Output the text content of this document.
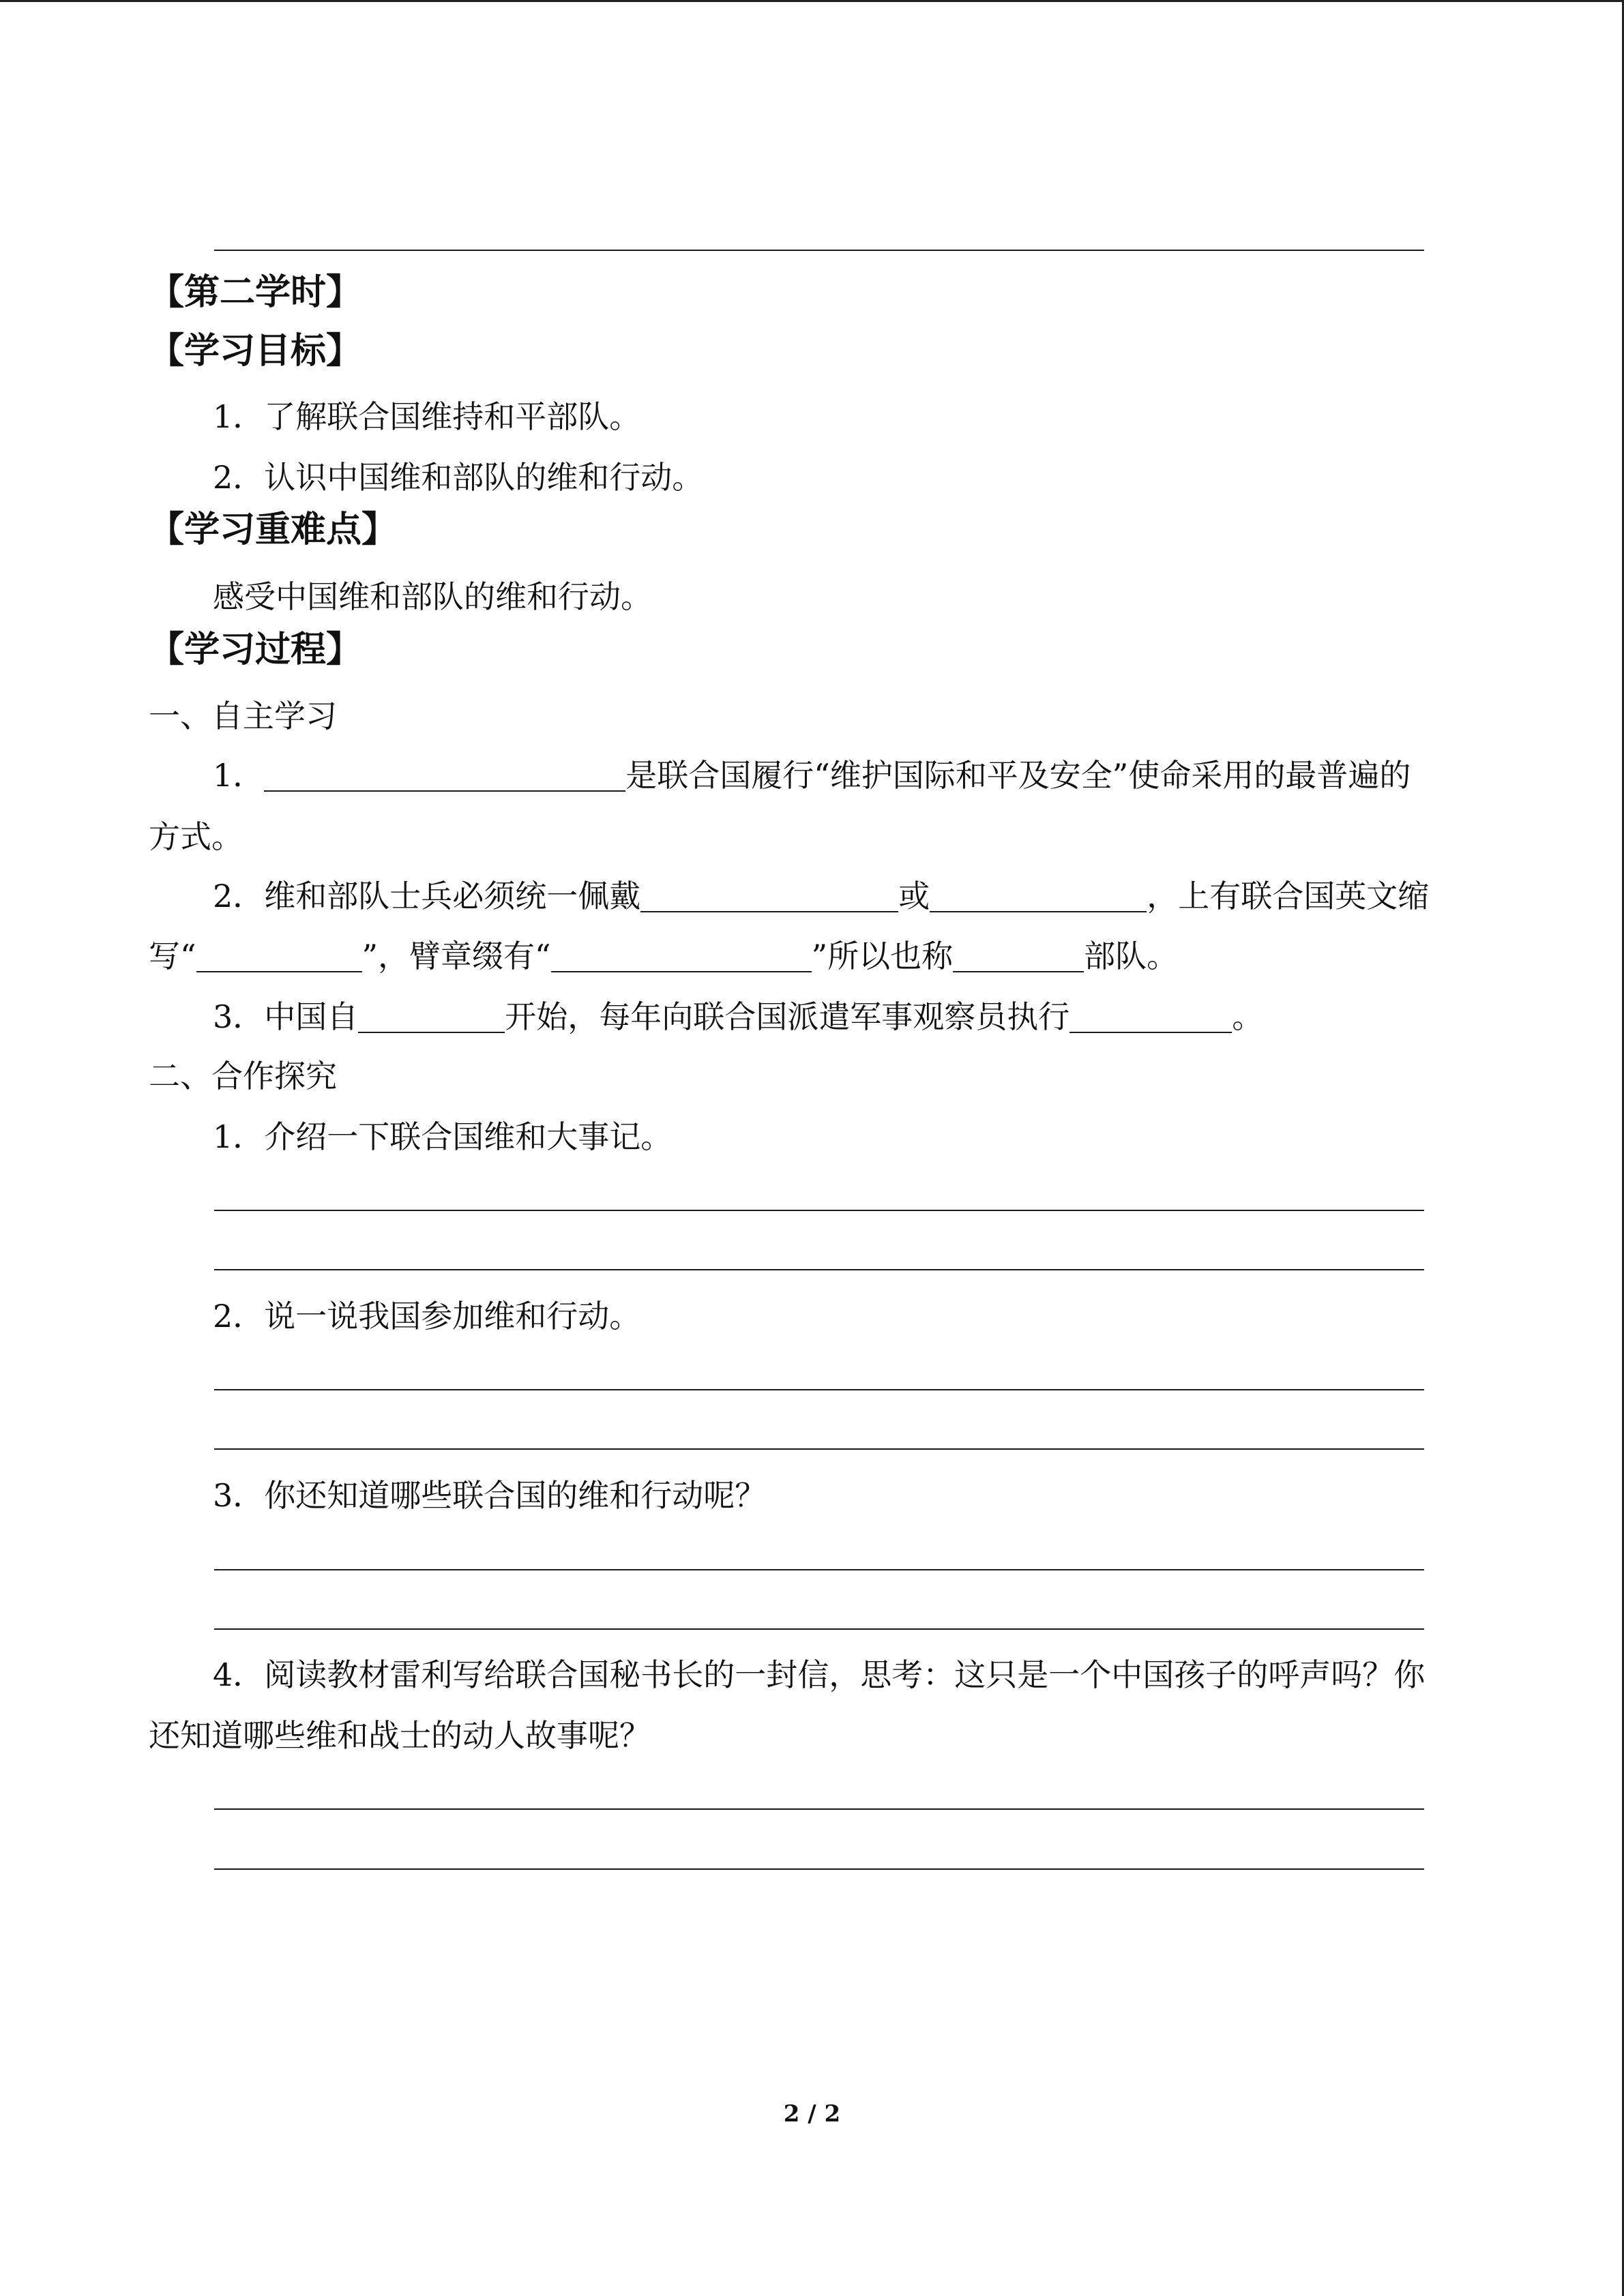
【第二学时】
【学习目标】
1．了解联合国维持和平部队。
2．认识中国维和部队的维和行动。
【学习重难点】
感受中国维和部队的维和行动。
【学习过程】
一、自主学习
1．	是联合国履行“维护国际和平及安全”使命采用的最普遍的
方式。
2．维和部队士兵必须统一佩戴	或	，上有联合国英文缩
写“	”，臂章缀有“	”所以也称	部队。
3．中国自	开始，每年向联合国派遣军事观察员执行	。
二、合作探究
1．介绍一下联合国维和大事记。
2．说一说我国参加维和行动。
3．你还知道哪些联合国的维和行动呢？
4．阅读教材雷利写给联合国秘书长的一封信，思考：这只是一个中国孩子的呼声吗？你
还知道哪些维和战士的动人故事呢？
2 / 2
